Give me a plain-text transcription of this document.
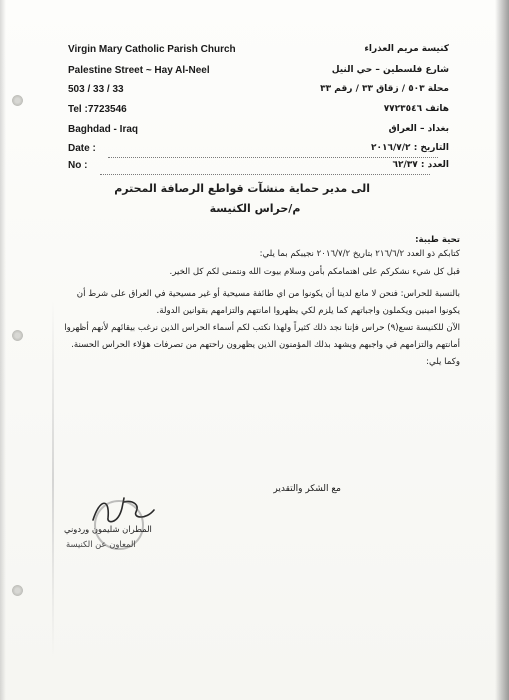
Virgin Mary Catholic Parish Church
Palestine Street ~ Hay Al-Neel
503 / 33 / 33
Tel :7723546
Baghdad - Iraq
Date :
No :
كنيسة مريم العذراء
شارع فلسطين – حي النيل
محلة ٥٠٣ / زقاق ٣٣ / رقم ٣٣
هاتف ٧٧٢٣٥٤٦
بغداد – العراق
التاريخ : ٢٠١٦/٧/٢
العدد : ٦٢/٣٧
الى مدير حماية منشآت قواطع الرصافة المحترم
م/حراس الكنيسة
تحية طيبة:
كتابكم ذو العدد ٢١٦/٦/٢ بتاريخ ٢٠١٦/٧/٢ نجيبكم بما يلي:
قبل كل شيء نشكركم على اهتمامكم بأمن وسلام بيوت الله ونتمنى لكم كل الخير.
بالنسبة للحراس: فنحن لا مانع لدينا أن يكونوا من اي طائفة مسيحية أو غير مسيحية في العراق على شرط أن يكونوا امينين ويكملون واجباتهم كما يلزم لكي يظهروا امانتهم والتزامهم بقوانين الدولة.
الآن للكنيسة تسع(٩) حراس فإننا نجد ذلك كثيراً ولهذا نكتب لكم أسماء الحراس الذين نرغب بيقائهم لأنهم أظهروا أمانتهم والتزامهم في واجبهم ويشهد بذلك المؤمنون الذين يظهرون راحتهم من تصرفات هؤلاء الحراس الحسنة. وكما يلي:
مع الشكر والتقدير
المطران شليمون وردوني
المعاون عن الكنيسة
